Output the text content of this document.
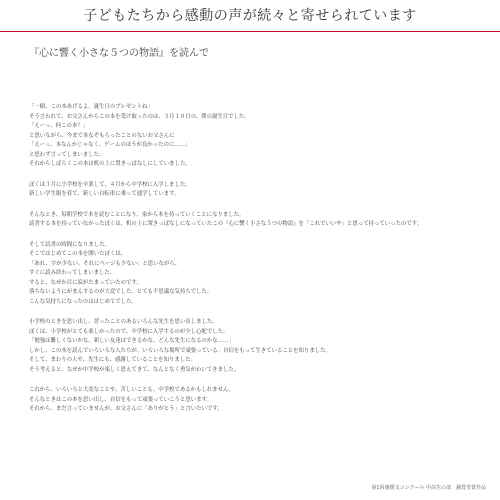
子どもたちから感動の声が続々と寄せられています
『心に響く小さな５つの物語』を読んで
「一樹、この本あげるよ。誕生日のプレゼントね」
そう言われて、お父さんからこの本を受け取ったのは、３月１０日の、僕の誕生日でした。
「えーっ、何この本？」
と思いながら、今まで本なぞもらったことのないお父さんに
「えーっ、本なんかじゃなく、ゲームのほうが良かったのに……」
と思わず言ってしまいました。
それからしばらくこの本は机の上に置きっぱなしにしていました。
ぼくは３月に小学校を卒業して、４月から中学校に入学しました。
新しい学生服を着て、新しい自転車に乗って通学しています。
そんなとき、毎朝学校で本を読むことになり、家から本を持っていくことになりました。
読書する本を持っていなかったぼくは、机の上に置きっぱなしになっていたこの『心に響く小さな５つの物語』を「これでいいや」と思って持っていったのです。
そして読書の時間になりました。
そこではじめてこの本を開いたぼくは、
「あれ、字が少ない。それにページも少ない」と思いながら、
すぐに読み終わってしまいました。
すると、なぜか目に涙がたまっていたのです。
落ちないようにがまんするのが大変でした。とても不思議な気持ちでした。
こんな気持ちになったのははじめてでした。
小学校のときを思い出し、習ったことのあるいろんな先生を思い出しました。
ぼくは、小学校がとても楽しかったので、中学校に入学するのが少し心配でした。
「勉強は難しくないかな、新しい友達はできるかな、どんな先生になるのかな……」
しかし、この本を読んでいろいろな人たちが、いろいろな場所で頑張っている。自信をもって生きていることを知りました。
そして、まわりの人や、先生にも、感謝していることを知りました。
そう考えると、なぜか中学校が楽しく思えてきて、なんとなく勇気がわいてきました。
これから、いろいろと大変なことや、苦しいことも、中学校であるかもしれません。
そんなときはこの本を思い出し、自信をもって頑張っていこうと思います。
それから、まだ言っていませんが、お父さんに「ありがとう」と言いたいです。
第1回感想文コンクール 中高生の部　銅賞受賞作品
